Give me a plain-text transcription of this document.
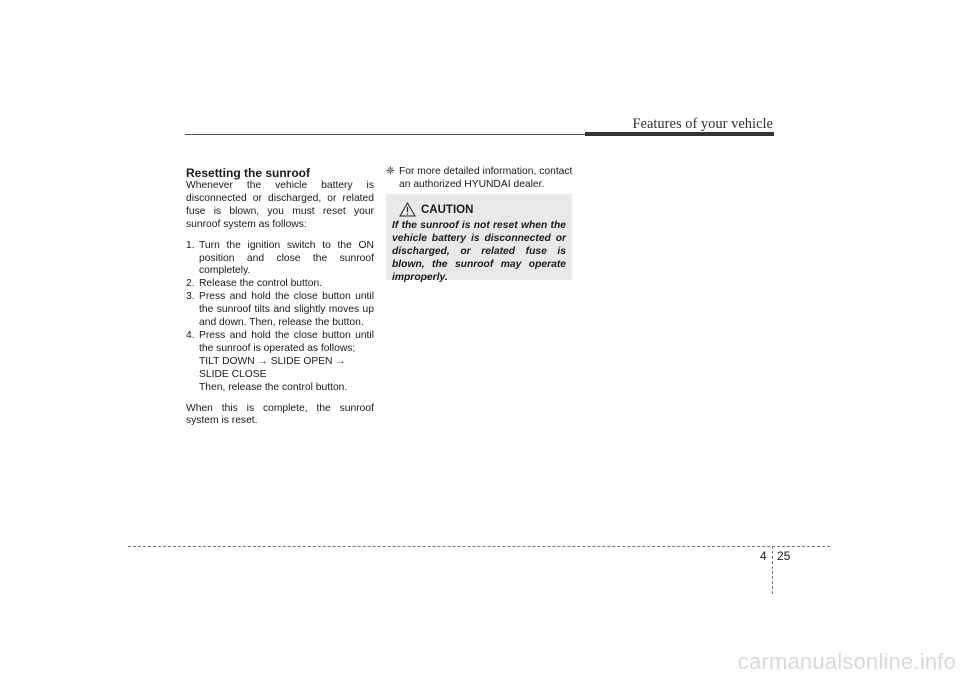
Features of your vehicle
Resetting the sunroof

Whenever the vehicle battery is disconnected or discharged, or related fuse is blown, you must reset your sunroof system as follows:

1. Turn the ignition switch to the ON position and close the sunroof completely.
2. Release the control button.
3. Press and hold the close button until the sunroof tilts and slightly moves up and down. Then, release the button.
4. Press and hold the close button until the sunroof is operated as follows;

TILT DOWN → SLIDE OPEN → SLIDE CLOSE

Then, release the control button.

When this is complete, the sunroof system is reset.

❈ For more detailed information, contact an authorized HYUNDAI dealer.

CAUTION
If the sunroof is not reset when the vehicle battery is disconnected or discharged, or related fuse is blown, the sunroof may operate improperly.
4 25
carmanualsonline.info
